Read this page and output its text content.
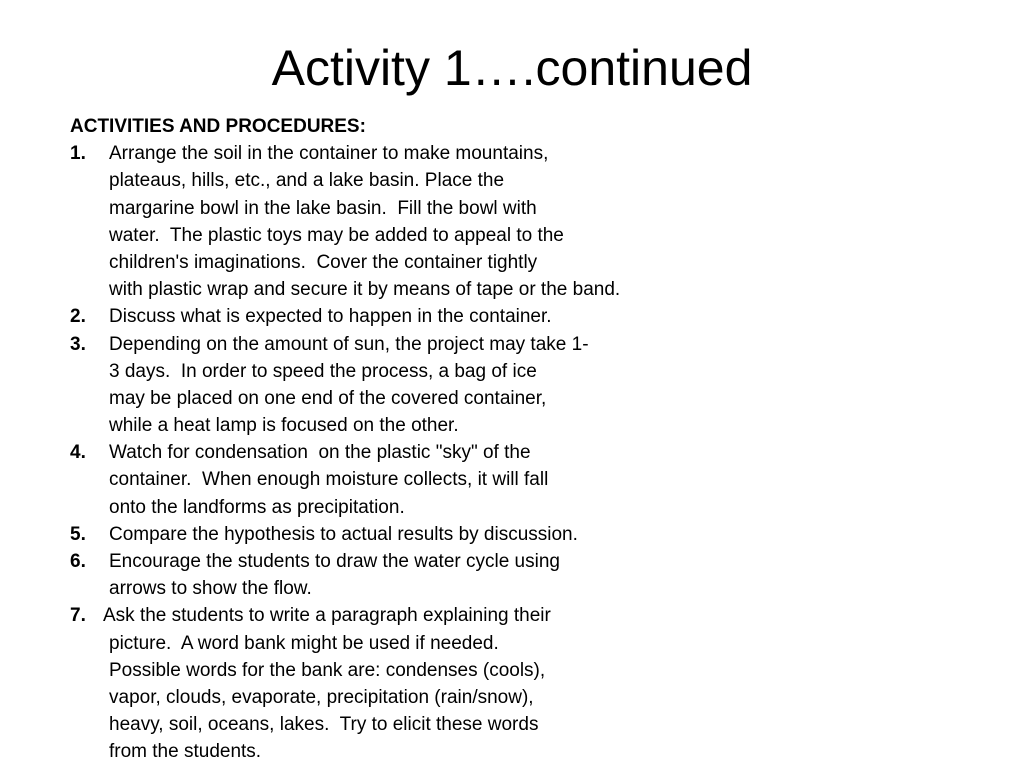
Activity 1….continued
ACTIVITIES AND PROCEDURES:
1. Arrange the soil in the container to make mountains,
plateaus, hills, etc., and a lake basin. Place the
margarine bowl in the lake basin.  Fill the bowl with
water.  The plastic toys may be added to appeal to the
children's imaginations.  Cover the container tightly
with plastic wrap and secure it by means of tape or the band.
2. Discuss what is expected to happen in the container.
3. Depending on the amount of sun, the project may take 1-
3 days.  In order to speed the process, a bag of ice
may be placed on one end of the covered container,
while a heat lamp is focused on the other.
4. Watch for condensation  on the plastic "sky" of the
container.  When enough moisture collects, it will fall
onto the landforms as precipitation.
5. Compare the hypothesis to actual results by discussion.
6. Encourage the students to draw the water cycle using
arrows to show the flow.
7. Ask the students to write a paragraph explaining their
picture.  A word bank might be used if needed.
Possible words for the bank are: condenses (cools),
vapor, clouds, evaporate, precipitation (rain/snow),
heavy, soil, oceans, lakes.  Try to elicit these words
from the students.
